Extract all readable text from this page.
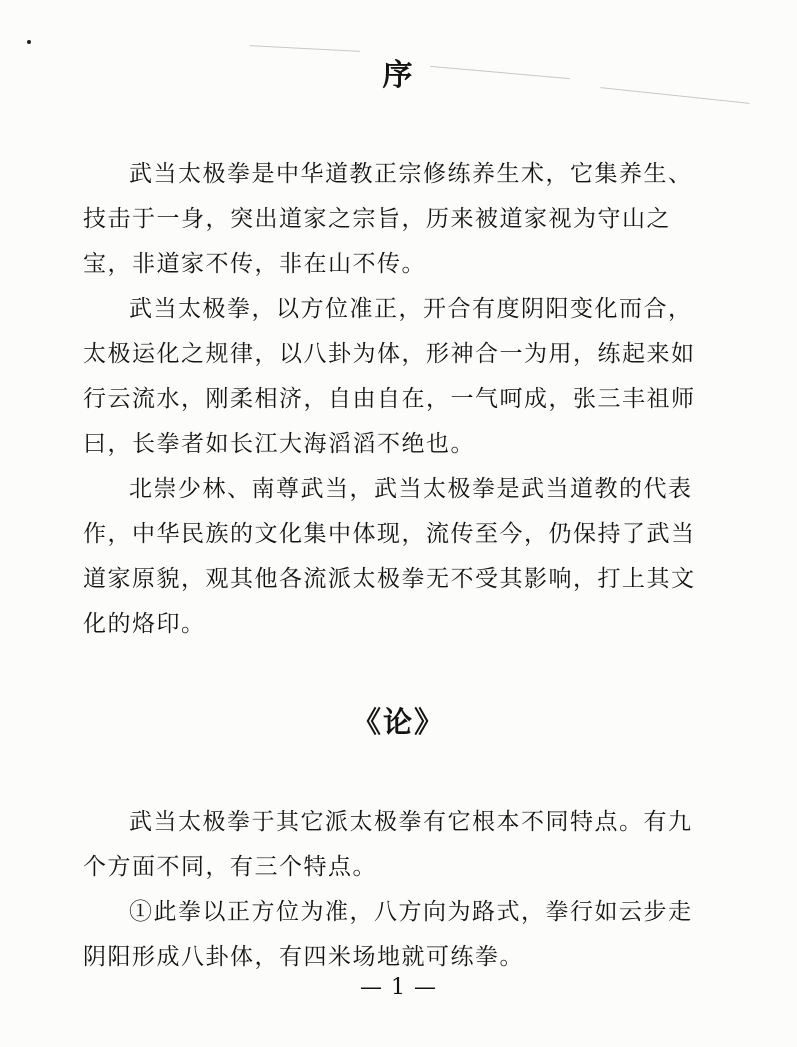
序

武当太极拳是中华道教正宗修练养生术，它集养生、技击于一身，突出道家之宗旨，历来被道家视为守山之宝，非道家不传，非在山不传。

武当太极拳，以方位准正，开合有度阴阳变化而合，太极运化之规律，以八卦为体，形神合一为用，练起来如行云流水，刚柔相济，自由自在，一气呵成，张三丰祖师曰，长拳者如长江大海滔滔不绝也。

北崇少林、南尊武当，武当太极拳是武当道教的代表作，中华民族的文化集中体现，流传至今，仍保持了武当道家原貌，观其他各流派太极拳无不受其影响，打上其文化的烙印。

《论》

武当太极拳于其它派太极拳有它根本不同特点。有九个方面不同，有三个特点。

①此拳以正方位为准，八方向为路式，拳行如云步走阴阳形成八卦体，有四米场地就可练拳。

— 1 —
